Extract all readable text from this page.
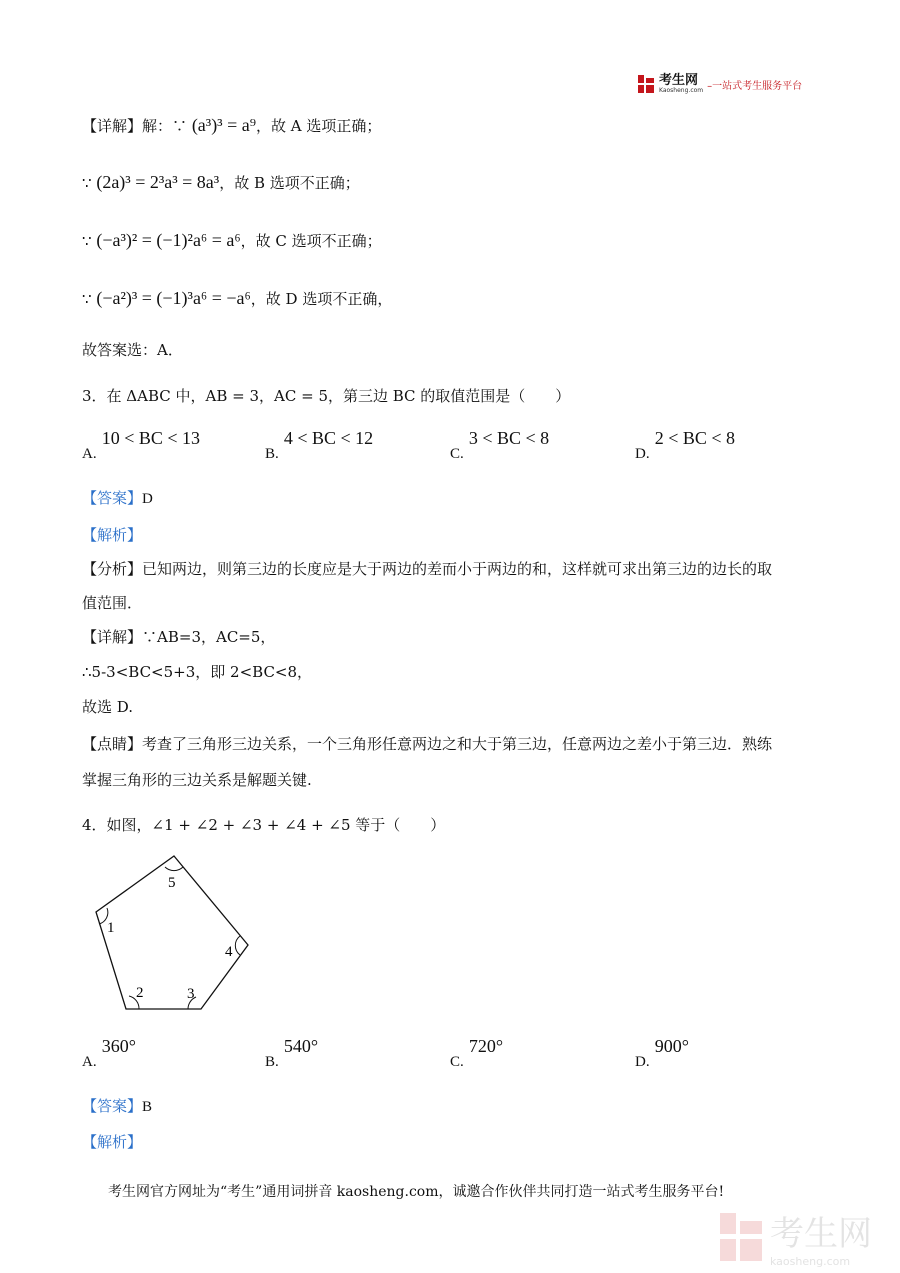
考生网
Kaosheng.com –一站式考生服务平台
【详解】解：∵ (a³)³ = a⁹，故 A 选项正确；
∵ (2a)³ = 2³a³ = 8a³，故 B 选项不正确；
∵ (−a³)² = (−1)²a⁶ = a⁶，故 C 选项不正确；
∵ (−a²)³ = (−1)³a⁶ = −a⁶，故 D 选项不正确，
故答案选：A．
3．在 ΔABC 中，AB = 3，AC = 5，第三边 BC 的取值范围是（　　）
A. 10 < BC < 13
B. 4 < BC < 12
C. 3 < BC < 8
D. 2 < BC < 8
【答案】D
【解析】
【分析】已知两边，则第三边的长度应是大于两边的差而小于两边的和，这样就可求出第三边的边长的取
值范围．
【详解】∵AB=3，AC=5，
∴5-3<BC<5+3，即 2<BC<8，
故选 D.
【点睛】考查了三角形三边关系，一个三角形任意两边之和大于第三边，任意两边之差小于第三边．熟练
掌握三角形的三边关系是解题关键.
4．如图，∠1 + ∠2 + ∠3 + ∠4 + ∠5 等于（　　）
1
2	3
4
5
A. 360°
B. 540°
C. 720°
D. 900°
【答案】B
【解析】
考生网官方网址为“考生”通用词拼音 kaosheng.com，诚邀合作伙伴共同打造一站式考生服务平台!
考生网
kaosheng.com
